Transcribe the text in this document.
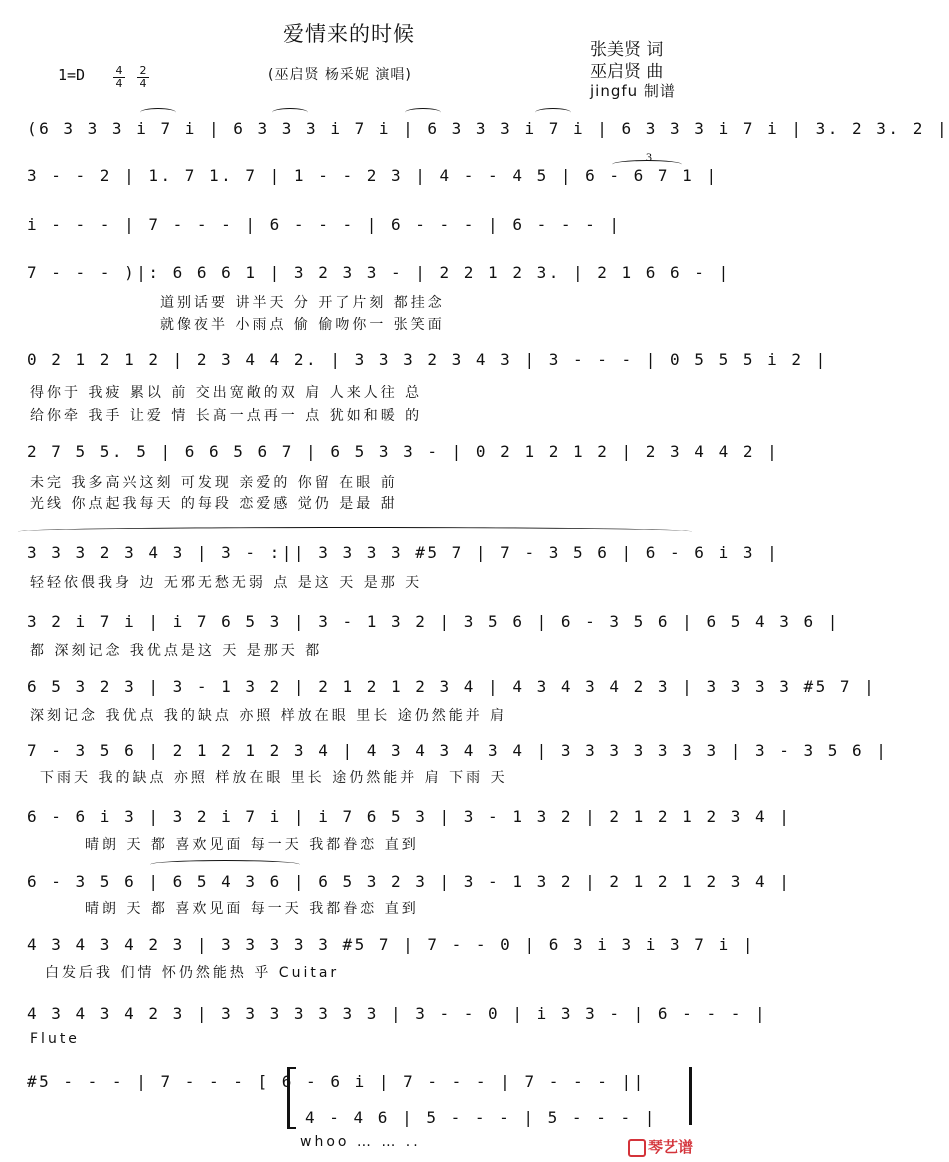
爱情来的时候
(巫启贤 杨采妮 演唱)
张美贤 词
巫启贤 曲
jingfu 制谱
1=D	4
4
2
4
(6 3 3 3 i 7 i | 6 3 3 3 i 7 i | 6 3 3 3 i 7 i | 6 3 3 3 i 7 i | 3. 2 3. 2 |
3 - - 2 | 1. 7 1. 7 | 1 - - 2 3 | 4 - - 4 5 | 6 - 6 7 1 |
3
i - - - | 7 - - - | 6 - - - | 6 - - - | 6 - - - |
7 - - - )|: 6 6 6 1 | 3 2 3 3 - | 2 2 1 2 3. | 2 1 6 6 - |
道别话要 讲半天 分 开了片刻 都挂念
就像夜半 小雨点 偷 偷吻你一 张笑面
0 2 1 2 1 2 | 2 3 4 4 2. | 3 3 3 2 3 4 3 | 3 - - - | 0 5 5 5 i 2 |
得你于 我疲 累以 前 交出宽敞的双 肩 人来人往 总
给你牵 我手 让爱 情 长髙一点再一 点 犹如和暖 的
2 7 5 5. 5 | 6 6 5 6 7 | 6 5 3 3 - | 0 2 1 2 1 2 | 2 3 4 4 2 |
未完 我多高兴这刻 可发现 亲爱的 你留 在眼 前
光线 你点起我每天 的每段 恋爱感 觉仍 是最 甜
3 3 3 2 3 4 3 | 3 - :|| 3 3 3 3 #5 7 | 7 - 3 5 6 | 6 - 6 i 3 |
轻轻依偎我身 边 无邪无愁无弱 点 是这 天 是那 天
3 2 i 7 i | i 7 6 5 3 | 3 - 1 3 2 | 3 5 6 | 6 - 3 5 6 | 6 5 4 3 6 |
都 深刻记念 我优点是这 天 是那天 都
6 5 3 2 3 | 3 - 1 3 2 | 2 1 2 1 2 3 4 | 4 3 4 3 4 2 3 | 3 3 3 3 #5 7 |
深刻记念 我优点 我的缺点 亦照 样放在眼 里长 途仍然能并 肩
7 - 3 5 6 | 2 1 2 1 2 3 4 | 4 3 4 3 4 3 4 | 3 3 3 3 3 3 3 | 3 - 3 5 6 |
下雨天 我的缺点 亦照 样放在眼 里长 途仍然能并 肩 下雨 天
6 - 6 i 3 | 3 2 i 7 i | i 7 6 5 3 | 3 - 1 3 2 | 2 1 2 1 2 3 4 |
晴朗 天 都 喜欢见面 每一天 我都眷恋 直到
6 - 3 5 6 | 6 5 4 3 6 | 6 5 3 2 3 | 3 - 1 3 2 | 2 1 2 1 2 3 4 |
晴朗 天 都 喜欢见面 每一天 我都眷恋 直到
4 3 4 3 4 2 3 | 3 3 3 3 3 #5 7 | 7 - - 0 | 6 3 i 3 i 3 7 i |
白发后我 们情 怀仍然能热 乎 Cuitar
4 3 4 3 4 2 3 | 3 3 3 3 3 3 3 | 3 - - 0 | i 3 3 - | 6 - - - |
Flute
#5 - - - | 7 - - - [ 6 - 6 i | 7 - - - | 7 - - - ||
4 - 4 6 | 5 - - - | 5 - - - |
whoo … … ..	琴艺谱
